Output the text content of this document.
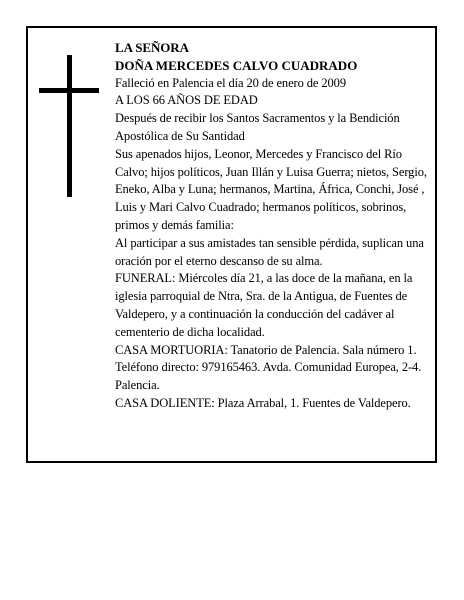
LA SEÑORA

DOÑA MERCEDES CALVO CUADRADO

Falleció en Palencia el día 20 de enero de 2009

A LOS 66 AÑOS DE EDAD

Después de recibir los Santos Sacramentos y la Bendición Apostólica de Su Santidad

Sus apenados hijos, Leonor, Mercedes y Francisco del Río Calvo; hijos políticos, Juan Illán y Luisa Guerra; nietos, Sergio, Eneko, Alba y Luna; hermanos, Martina, África, Conchi, José , Luis y Mari Calvo Cuadrado; hermanos políticos, sobrinos, primos y demás familia:

Al participar a sus amistades tan sensible pérdida, suplican una oración por el eterno descanso de su alma.

FUNERAL: Miércoles día 21, a las doce de la mañana, en la iglesia parroquial de Ntra, Sra. de la Antigua, de Fuentes de Valdepero, y a continuación la conducción del cadáver al cementerio de dicha localidad.

CASA MORTUORIA: Tanatorio de Palencia. Sala número 1. Teléfono directo: 979165463. Avda. Comunidad Europea, 2-4. Palencia.

CASA DOLIENTE: Plaza Arrabal, 1. Fuentes de Valdepero.
